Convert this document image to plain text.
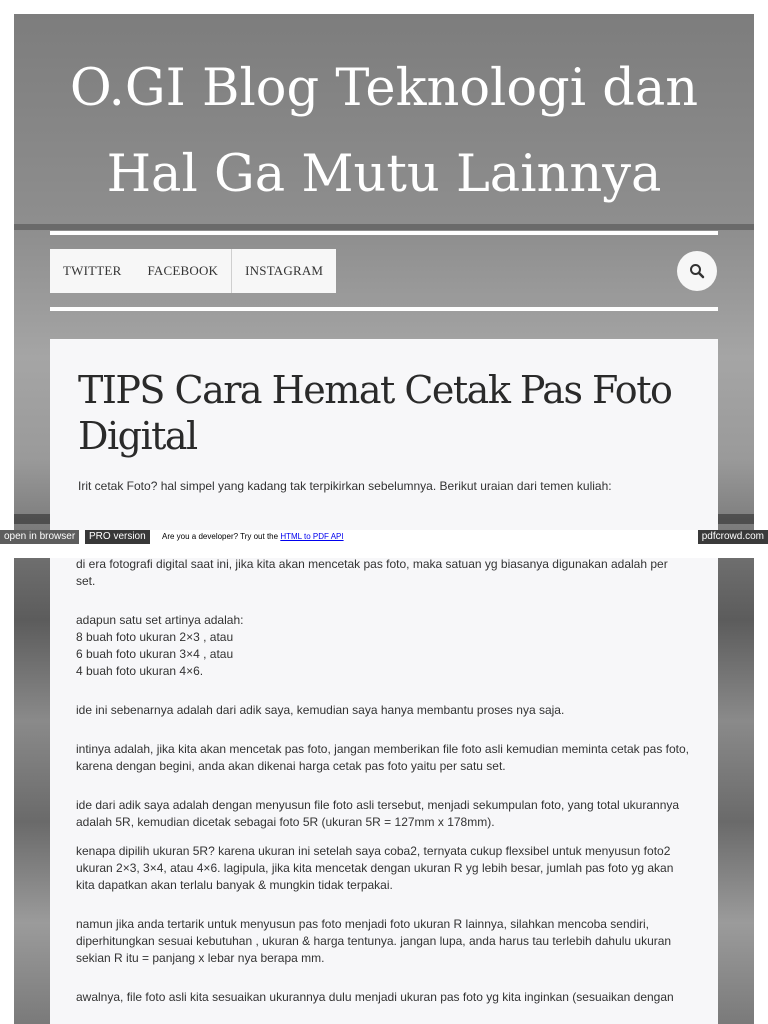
O.GI Blog Teknologi dan
Hal Ga Mutu Lainnya
TWITTER	FACEBOOK	INSTAGRAM
TIPS Cara Hemat Cetak Pas Foto Digital
Irit cetak Foto? hal simpel yang kadang tak terpikirkan sebelumnya. Berikut uraian dari temen kuliah:
open in browser	PRO version	Are you a developer? Try out the HTML to PDF API	pdfcrowd.com

di era fotografi digital saat ini, jika kita akan mencetak pas foto, maka satuan yg biasanya digunakan adalah per set.

adapun satu set artinya adalah:
8 buah foto ukuran 2×3 , atau
6 buah foto ukuran 3×4 , atau
4 buah foto ukuran 4×6.

ide ini sebenarnya adalah dari adik saya, kemudian saya hanya membantu proses nya saja.

intinya adalah, jika kita akan mencetak pas foto, jangan memberikan file foto asli kemudian meminta cetak pas foto,
karena dengan begini, anda akan dikenai harga cetak pas foto yaitu per satu set.

ide dari adik saya adalah dengan menyusun file foto asli tersebut, menjadi sekumpulan foto, yang total ukurannya
adalah 5R, kemudian dicetak sebagai foto 5R (ukuran 5R = 127mm x 178mm).

kenapa dipilih ukuran 5R? karena ukuran ini setelah saya coba2, ternyata cukup flexsibel untuk menyusun foto2
ukuran 2×3, 3×4, atau 4×6. lagipula, jika kita mencetak dengan ukuran R yg lebih besar, jumlah pas foto yg akan
kita dapatkan akan terlalu banyak & mungkin tidak terpakai.

namun jika anda tertarik untuk menyusun pas foto menjadi foto ukuran R lainnya, silahkan mencoba sendiri,
diperhitungkan sesuai kebutuhan , ukuran & harga tentunya. jangan lupa, anda harus tau terlebih dahulu ukuran
sekian R itu = panjang x lebar nya berapa mm.

awalnya, file foto asli kita sesuaikan ukurannya dulu menjadi ukuran pas foto yg kita inginkan (sesuaikan dengan
